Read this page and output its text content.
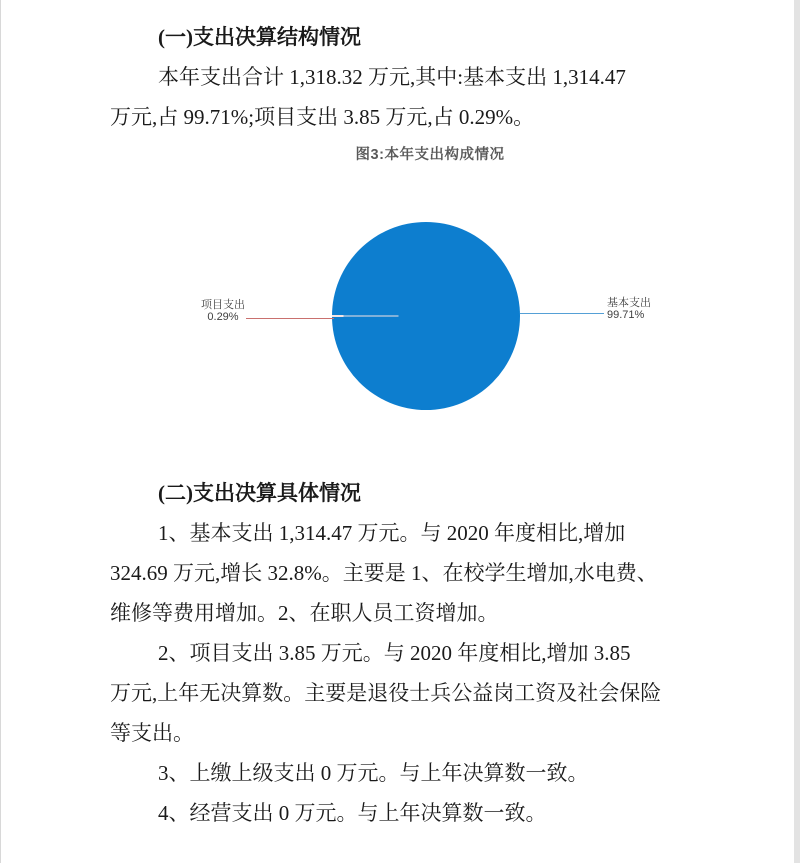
(一)支出决算结构情况
本年支出合计 1,318.32 万元,其中:基本支出 1,314.47
万元,占 99.71%;项目支出 3.85 万元,占 0.29%。
图3:本年支出构成情况
项目支出
0.29%
基本支出
99.71%
(二)支出决算具体情况
1、基本支出 1,314.47 万元。与 2020 年度相比,增加
324.69 万元,增长 32.8%。主要是 1、在校学生增加,水电费、
维修等费用增加。2、在职人员工资增加。
2、项目支出 3.85 万元。与 2020 年度相比,增加 3.85
万元,上年无决算数。主要是退役士兵公益岗工资及社会保险
等支出。
3、上缴上级支出 0 万元。与上年决算数一致。
4、经营支出 0 万元。与上年决算数一致。
